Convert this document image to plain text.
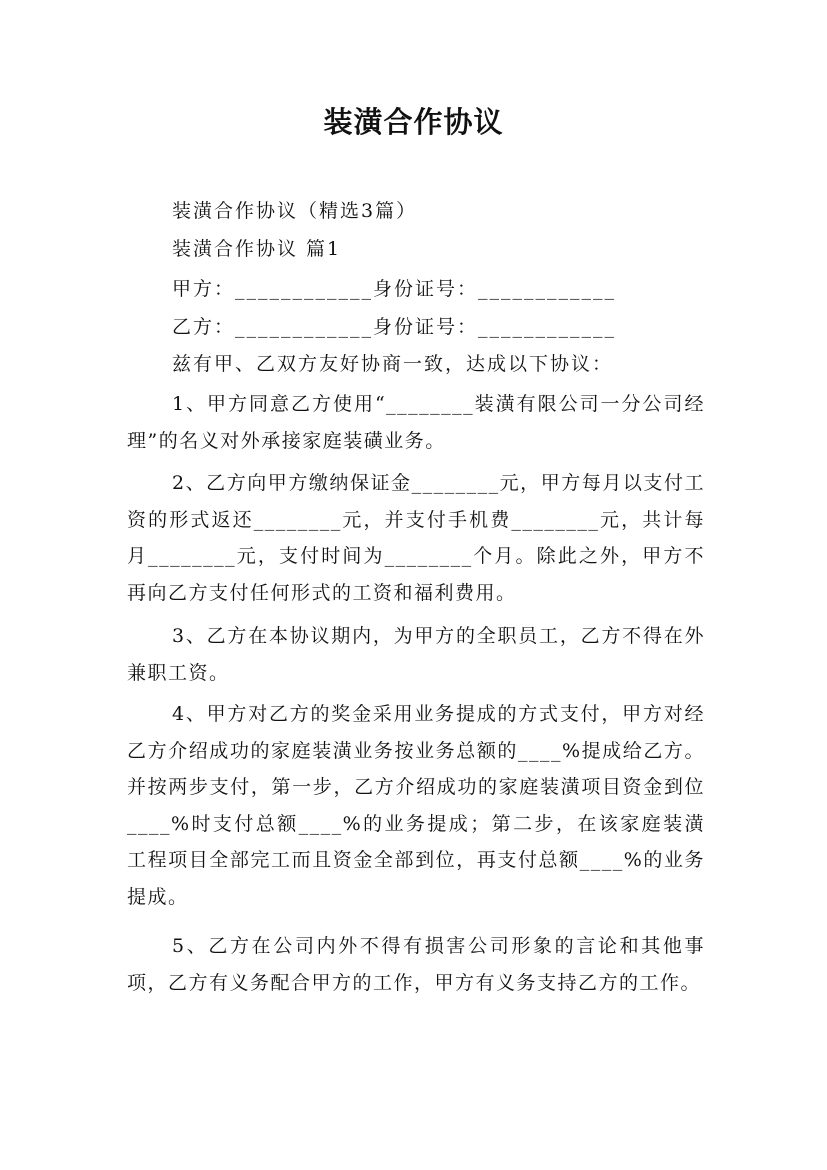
装潢合作协议
装潢合作协议（精选3篇）
装潢合作协议 篇1
甲方：____________身份证号：____________
乙方：____________身份证号：____________
兹有甲、乙双方友好协商一致，达成以下协议：

1、甲方同意乙方使用“________装潢有限公司一分公司经理”的名义对外承接家庭装磺业务。

2、乙方向甲方缴纳保证金________元，甲方每月以支付工资的形式返还________元，并支付手机费________元，共计每月________元，支付时间为________个月。除此之外，甲方不再向乙方支付任何形式的工资和福利费用。

3、乙方在本协议期内，为甲方的全职员工，乙方不得在外兼职工资。

4、甲方对乙方的奖金采用业务提成的方式支付，甲方对经乙方介绍成功的家庭装潢业务按业务总额的____%提成给乙方。并按两步支付，第一步，乙方介绍成功的家庭装潢项目资金到位____%时支付总额____%的业务提成；第二步，在该家庭装潢工程项目全部完工而且资金全部到位，再支付总额____%的业务提成。

5、乙方在公司内外不得有损害公司形象的言论和其他事项，乙方有义务配合甲方的工作，甲方有义务支持乙方的工作。
